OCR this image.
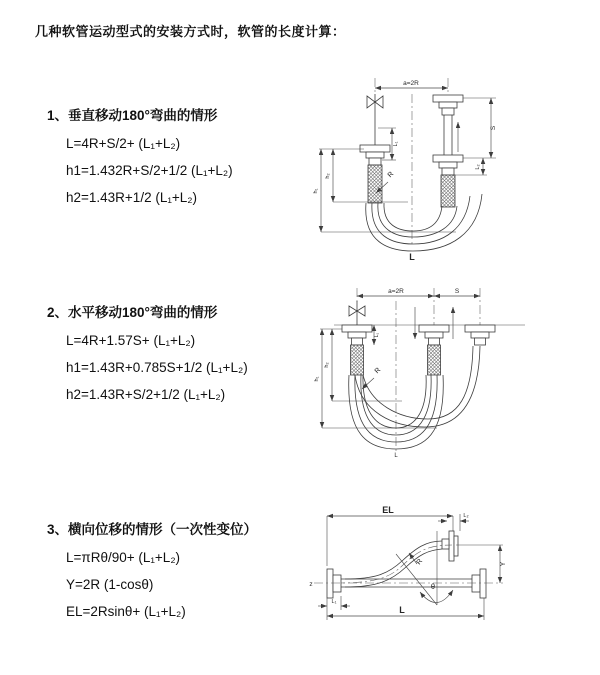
几种软管运动型式的安装方式时，软管的长度计算：
1、垂直移动180°弯曲的情形
L=4R+S/2+ (L₁+L₂)
h1=1.432R+S/2+1/2 (L₁+L₂)
h2=1.43R+1/2 (L₁+L₂)
2、水平移动180°弯曲的情形
L=4R+1.57S+ (L₁+L₂)
h1=1.43R+0.785S+1/2 (L₁+L₂)
h2=1.43R+S/2+1/2 (L₁+L₂)
3、横向位移的情形（一次性变位）
L=πRθ/90+ (L₁+L₂)
Y=2R (1-cosθ)
EL=2Rsinθ+ (L₁+L₂)
a=2R
S
L₂
L₁
h₂
h₁
R
L
a=2R	S
L₁
h₂
h₁
R
L
EL
L₂
z
Y
θ
R
L₁
L
